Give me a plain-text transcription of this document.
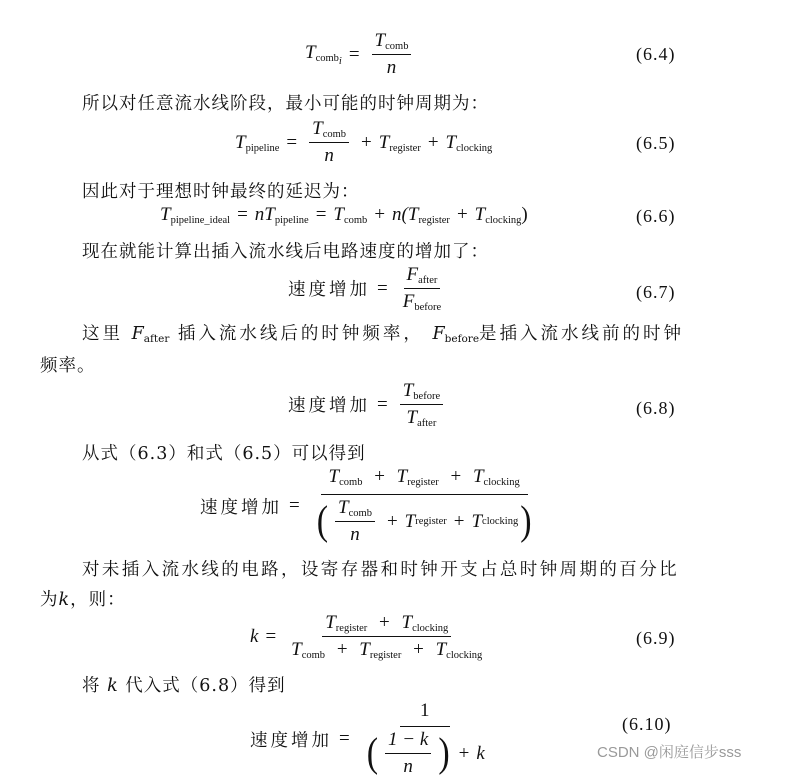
$T_{comb_i} = \frac{T_{comb}}{n}$	(6.4)
所以对任意流水线阶段，最小可能的时钟周期为：
$T_{pipeline} = \frac{T_{comb}}{n} + T_{register} + T_{clocking}$	(6.5)
因此对于理想时钟最终的延迟为：
$T_{pipeline\_ideal} = nT_{pipeline} = T_{comb} + n(T_{register} + T_{clocking})$	(6.6)
现在就能计算出插入流水线后电路速度的增加了：
速度增加 = $\frac{F_{after}}{F_{before}}$	(6.7)
这里 $F_{after}$ 插入流水线后的时钟频率， $F_{before}$是插入流水线前的时钟
频率。
速度增加 = $\frac{T_{before}}{T_{after}}$	(6.8)
从式（6.3）和式（6.5）可以得到
速度增加 =
$T_{comb} + T_{register} + T_{clocking}$
( $\frac{T_{comb}}{n} + T$ register + T clocking )
对未插入流水线的电路，设寄存器和时钟开支占总时钟周期的百分比
为k，则：
$k = \frac{T_{register} + T_{clocking}}{T_{comb} + T_{register} + T_{clocking}}$	(6.9)
将 k 代入式（6.8）得到
速度增加 =
1
( $\frac{1 - k}{n}$ ) + k
(6.10)
CSDN @闲庭信步sss
